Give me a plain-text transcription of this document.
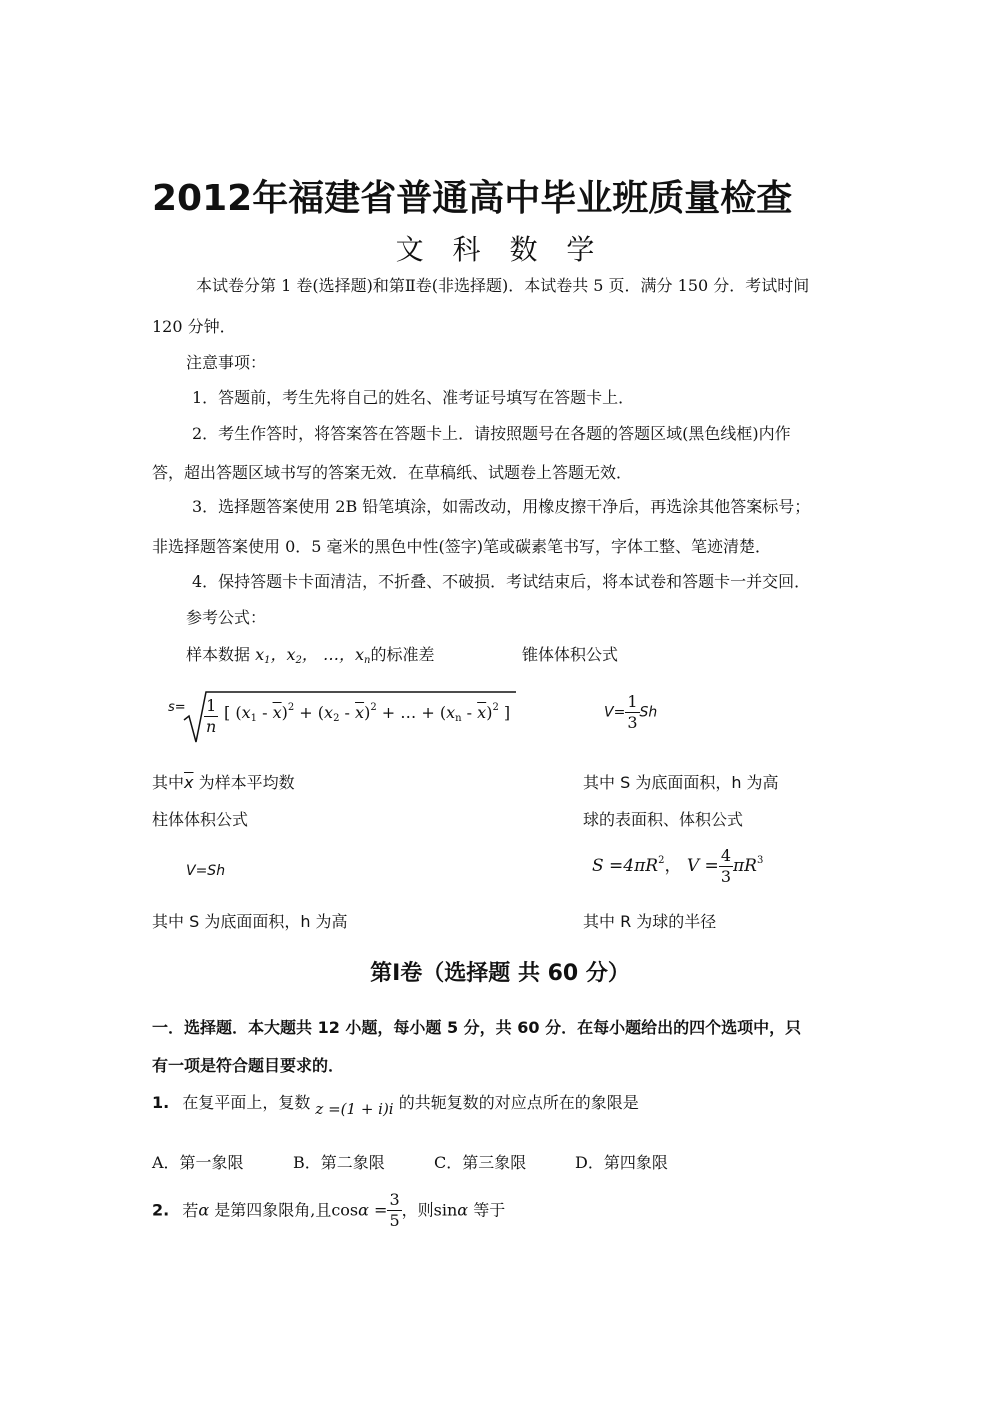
2012年福建省普通高中毕业班质量检查
文 科 数 学
本试卷分第 1 卷(选择题)和第Ⅱ卷(非选择题)．本试卷共 5 页．满分 150 分．考试时间
120 分钟．
注意事项：
1．答题前，考生先将自己的姓名、准考证号填写在答题卡上．
2．考生作答时，将答案答在答题卡上．请按照题号在各题的答题区域(黑色线框)内作
答，超出答题区域书写的答案无效．在草稿纸、试题卷上答题无效．
3．选择题答案使用 2B 铅笔填涂，如需改动，用橡皮擦干净后，再选涂其他答案标号；
非选择题答案使用 0．5 毫米的黑色中性(签字)笔或碳素笔书写，字体工整、笔迹清楚．
4．保持答题卡卡面清洁，不折叠、不破损．考试结束后，将本试卷和答题卡一并交回．
参考公式：
样本数据 $x_1$，$x_2$， …，$x_n$的标准差	锥体体积公式
$s= \frac{1}{n}$ [ $(x_1 - \overline{x})^2 + (x_2 - \overline{x})^2$ + … + $(x_n - \overline{x})^2$ ]	$V= \frac{1}{3}$ Sh
其中$\overline{x}$ 为样本平均数	其中 S 为底面面积，h 为高
柱体体积公式	球的表面积、体积公式
V=Sh	$S =4\pi R^2$， $V = \frac{4}{3} \pi R^3$
其中 S 为底面面积，h 为高	其中 R 为球的半径
第Ⅰ卷（选择题 共 60 分）
一．选择题．本大题共 12 小题，每小题 5 分，共 60 分．在每小题给出的四个选项中，只
有一项是符合题目要求的．
1. 在复平面上，复数 z =(1 + i)i 的共轭复数的对应点所在的象限是
A．第一象限	B．第二象限	C．第三象限	D．第四象限
2. 若α 是第四象限角,且$\cos\alpha = \frac{3}{5}$ ，则sinα 等于
